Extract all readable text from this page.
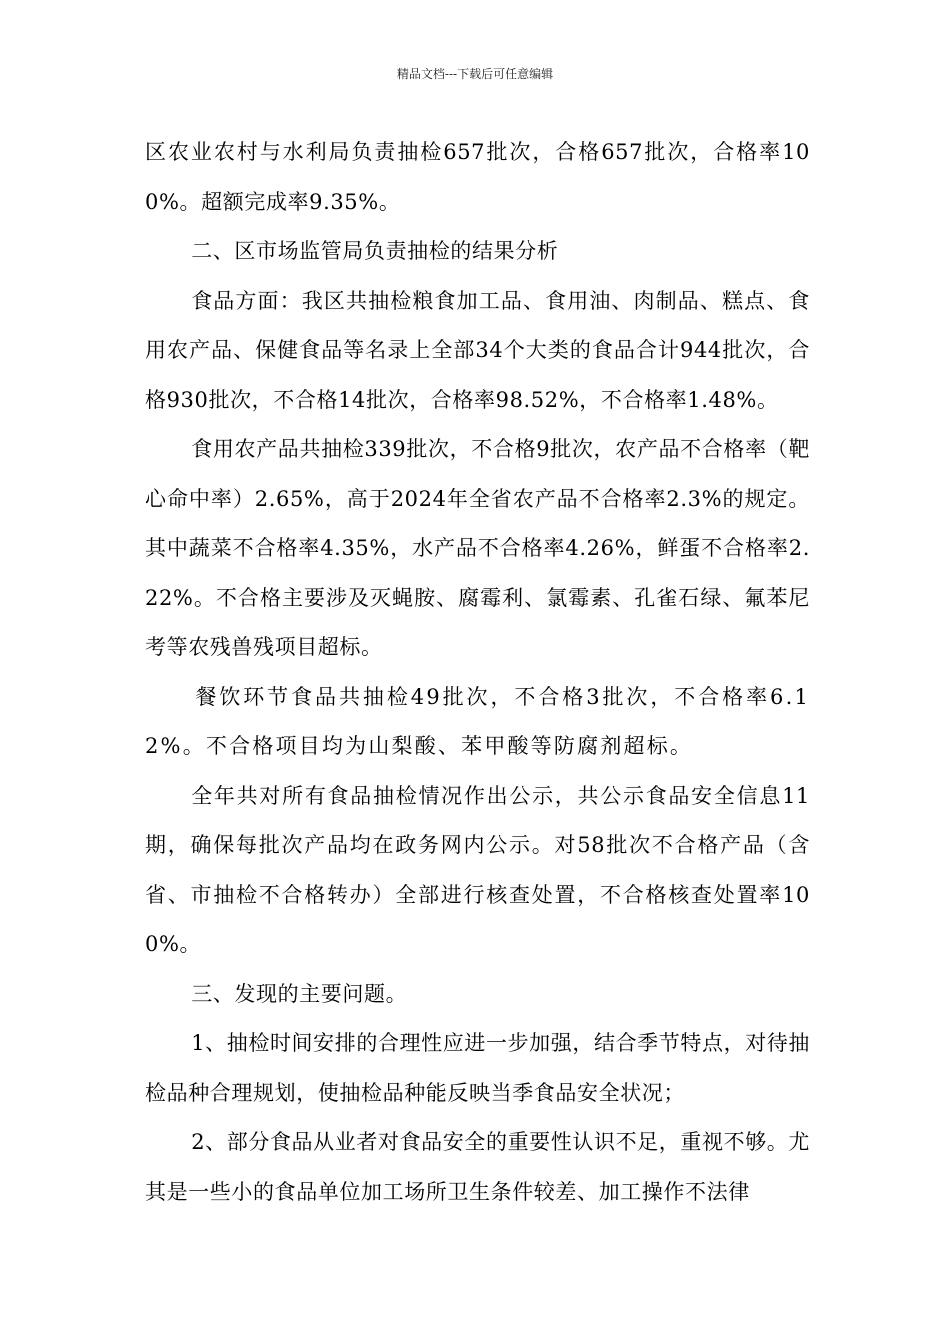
精品文档---下载后可任意编辑

区农业农村与水利局负责抽检657批次，合格657批次，合格率100%。超额完成率9.35%。

二、区市场监管局负责抽检的结果分析

食品方面：我区共抽检粮食加工品、食用油、肉制品、糕点、食用农产品、保健食品等名录上全部34个大类的食品合计944批次，合格930批次，不合格14批次，合格率98.52%，不合格率1.48%。

食用农产品共抽检339批次，不合格9批次，农产品不合格率（靶心命中率）2.65%，高于2024年全省农产品不合格率2.3%的规定。其中蔬菜不合格率4.35%，水产品不合格率4.26%，鲜蛋不合格率2.22%。不合格主要涉及灭蝇胺、腐霉利、氯霉素、孔雀石绿、氟苯尼考等农残兽残项目超标。

餐饮环节食品共抽检49批次，不合格3批次，不合格率6.12%。不合格项目均为山梨酸、苯甲酸等防腐剂超标。

全年共对所有食品抽检情况作出公示，共公示食品安全信息11期，确保每批次产品均在政务网内公示。对58批次不合格产品（含省、市抽检不合格转办）全部进行核查处置，不合格核查处置率100%。

三、发现的主要问题。

1、抽检时间安排的合理性应进一步加强，结合季节特点，对待抽检品种合理规划，使抽检品种能反映当季食品安全状况；

2、部分食品从业者对食品安全的重要性认识不足，重视不够。尤其是一些小的食品单位加工场所卫生条件较差、加工操作不法律
